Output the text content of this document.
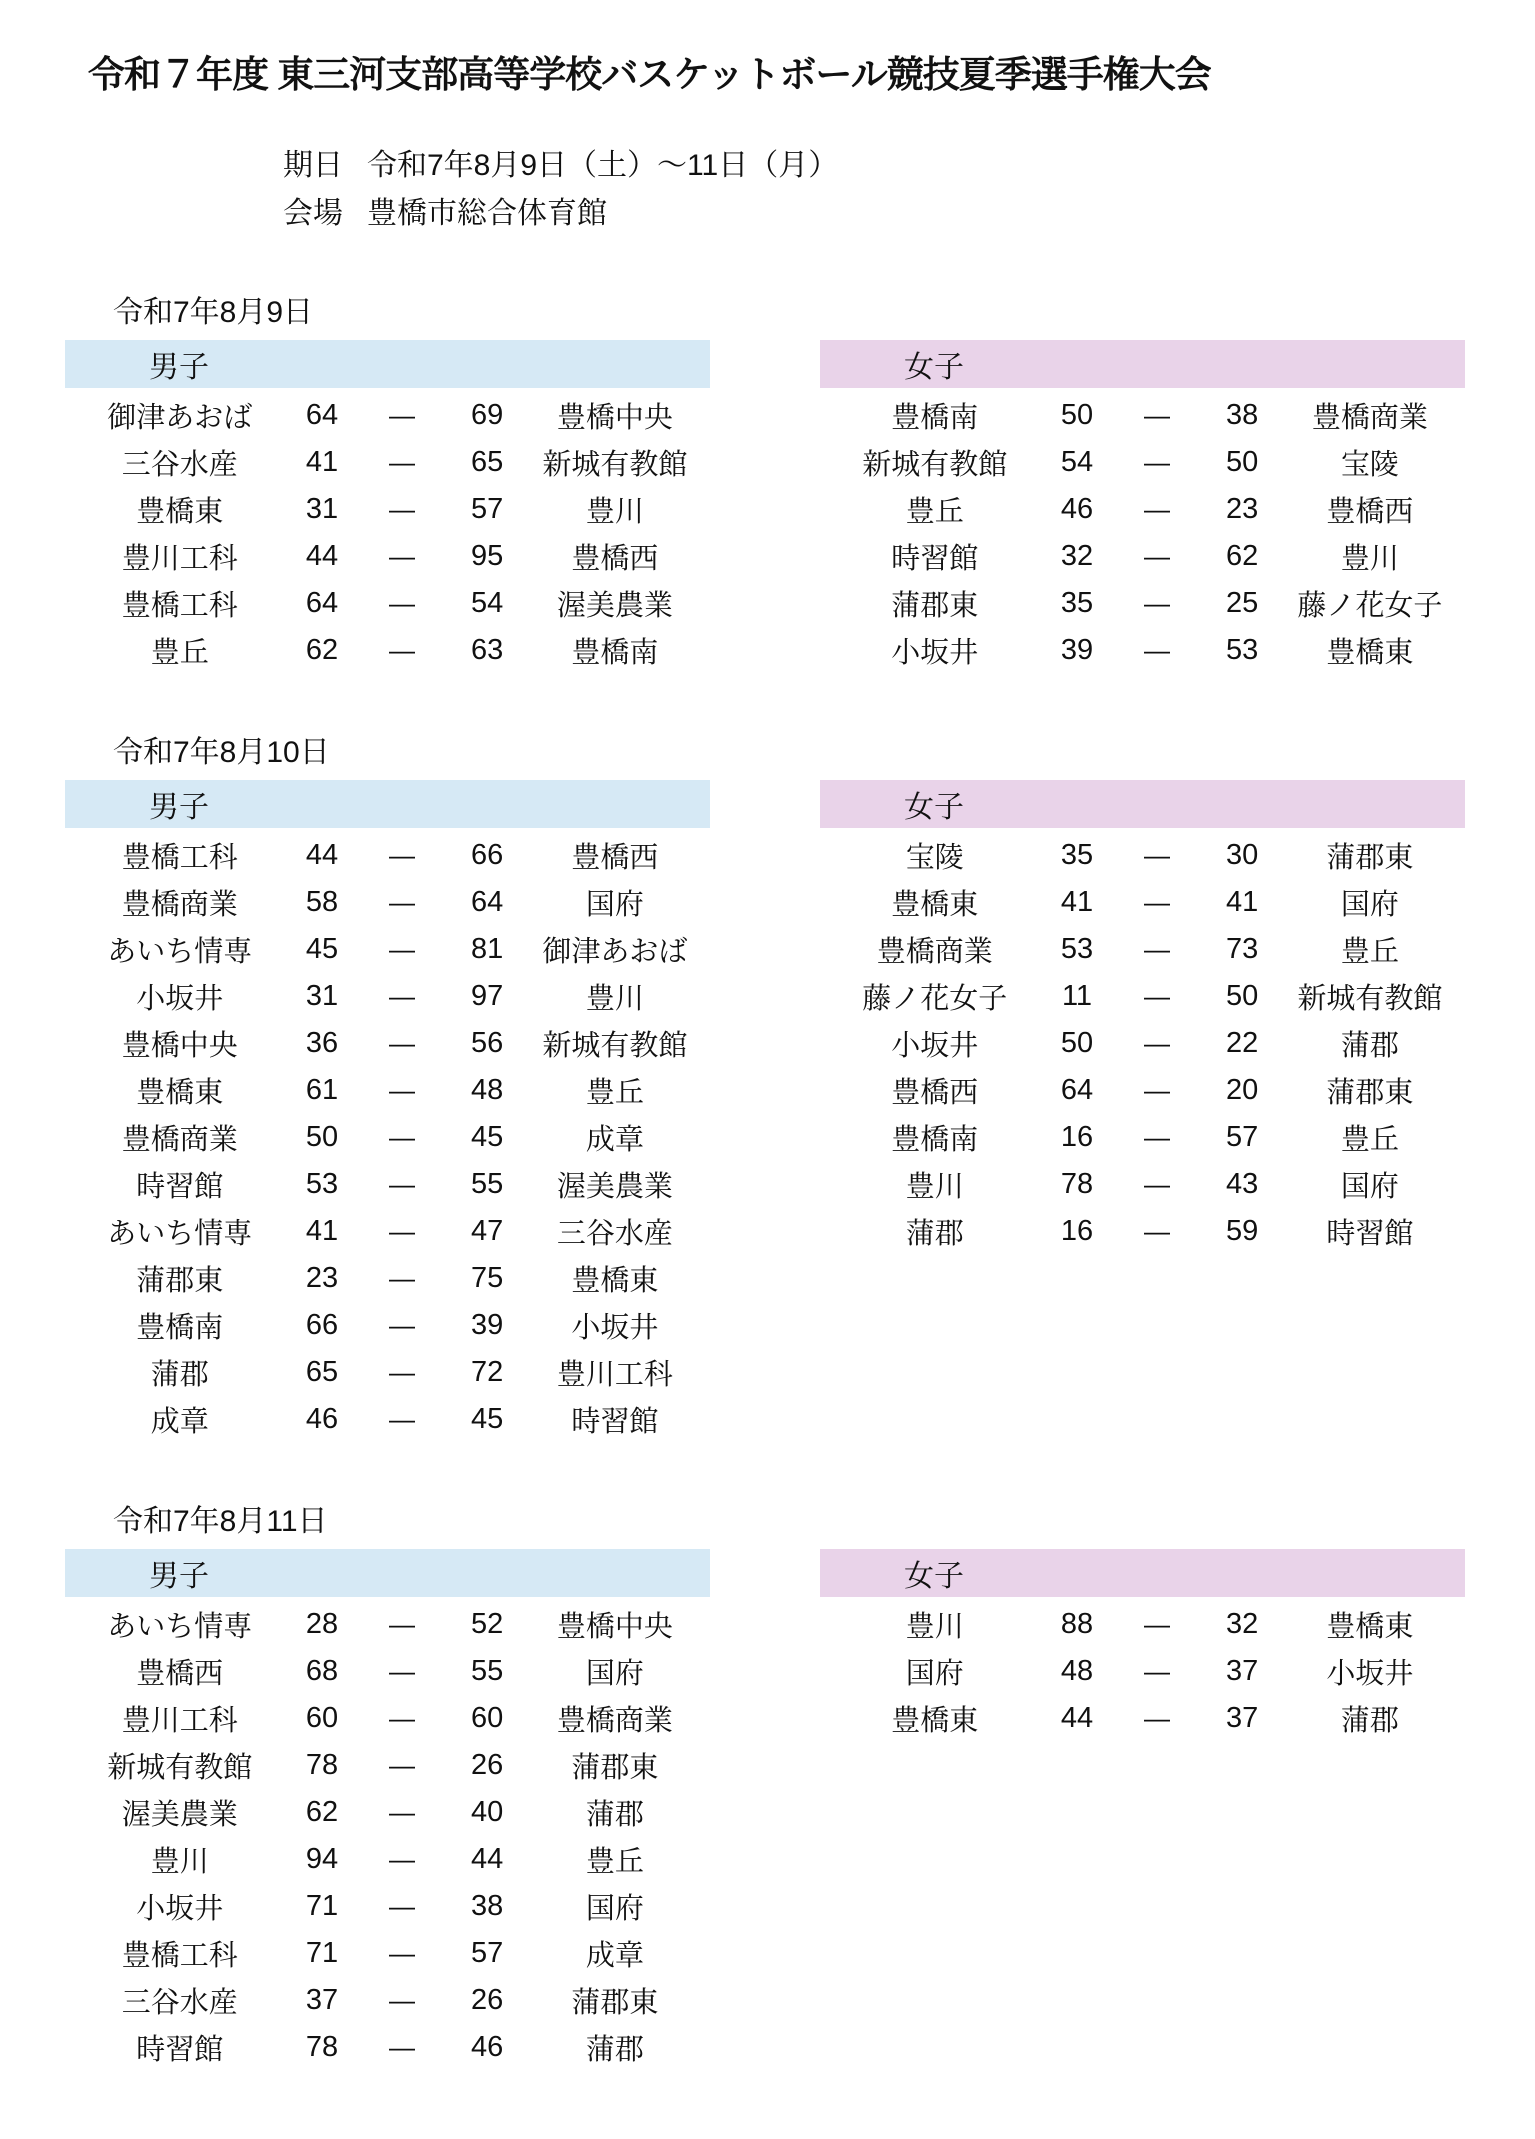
令和７年度 東三河支部高等学校バスケットボール競技夏季選手権大会
期日 令和7年8月9日（土）～11日（月）
会場 豊橋市総合体育館
令和7年8月9日
男子
御津あおば	64	—	69	豊橋中央
三谷水産	41	—	65	新城有教館
豊橋東	31	—	57	豊川
豊川工科	44	—	95	豊橋西
豊橋工科	64	—	54	渥美農業
豊丘	62	—	63	豊橋南
女子
豊橋南	50	—	38	豊橋商業
新城有教館	54	—	50	宝陵
豊丘	46	—	23	豊橋西
時習館	32	—	62	豊川
蒲郡東	35	—	25	藤ノ花女子
小坂井	39	—	53	豊橋東
令和7年8月10日
男子
豊橋工科	44	—	66	豊橋西
豊橋商業	58	—	64	国府
あいち情専	45	—	81	御津あおば
小坂井	31	—	97	豊川
豊橋中央	36	—	56	新城有教館
豊橋東	61	—	48	豊丘
豊橋商業	50	—	45	成章
時習館	53	—	55	渥美農業
あいち情専	41	—	47	三谷水産
蒲郡東	23	—	75	豊橋東
豊橋南	66	—	39	小坂井
蒲郡	65	—	72	豊川工科
成章	46	—	45	時習館
女子
宝陵	35	—	30	蒲郡東
豊橋東	41	—	41	国府
豊橋商業	53	—	73	豊丘
藤ノ花女子	11	—	50	新城有教館
小坂井	50	—	22	蒲郡
豊橋西	64	—	20	蒲郡東
豊橋南	16	—	57	豊丘
豊川	78	—	43	国府
蒲郡	16	—	59	時習館
令和7年8月11日
男子
あいち情専	28	—	52	豊橋中央
豊橋西	68	—	55	国府
豊川工科	60	—	60	豊橋商業
新城有教館	78	—	26	蒲郡東
渥美農業	62	—	40	蒲郡
豊川	94	—	44	豊丘
小坂井	71	—	38	国府
豊橋工科	71	—	57	成章
三谷水産	37	—	26	蒲郡東
時習館	78	—	46	蒲郡
女子
豊川	88	—	32	豊橋東
国府	48	—	37	小坂井
豊橋東	44	—	37	蒲郡
